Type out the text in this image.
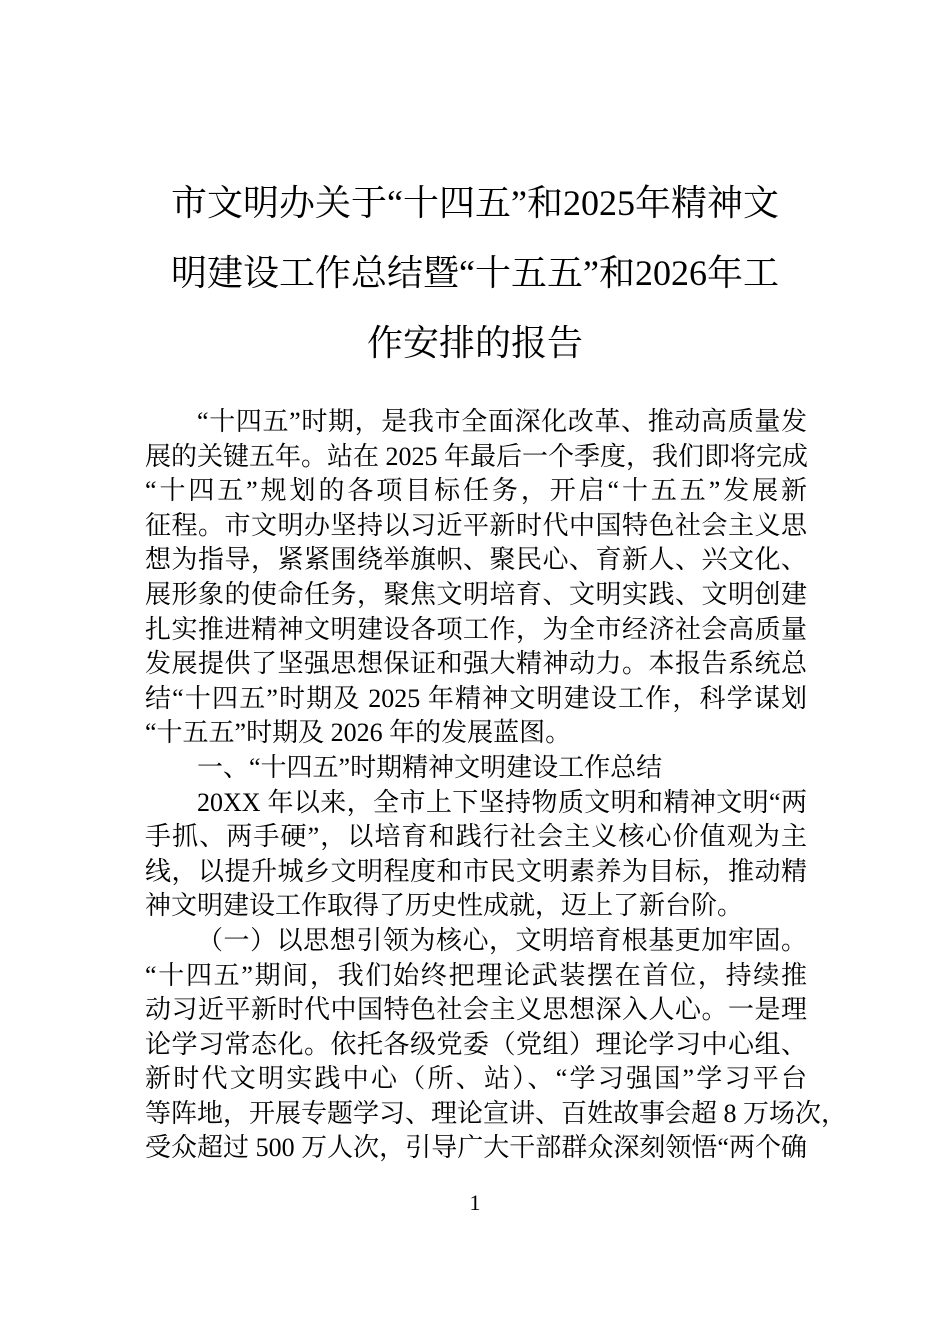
市文明办关于“十四五”和2025年精神文
明建设工作总结暨“十五五”和2026年工
作安排的报告
“十四五”时期，是我市全面深化改革、推动高质量发
展的关键五年。站在 2025 年最后一个季度，我们即将完成
“十四五”规划的各项目标任务，开启“十五五”发展新
征程。市文明办坚持以习近平新时代中国特色社会主义思
想为指导，紧紧围绕举旗帜、聚民心、育新人、兴文化、
展形象的使命任务，聚焦文明培育、文明实践、文明创建
扎实推进精神文明建设各项工作，为全市经济社会高质量
发展提供了坚强思想保证和强大精神动力。本报告系统总
结“十四五”时期及 2025 年精神文明建设工作，科学谋划
“十五五”时期及 2026 年的发展蓝图。
一、“十四五”时期精神文明建设工作总结
20XX 年以来，全市上下坚持物质文明和精神文明“两
手抓、两手硬”，以培育和践行社会主义核心价值观为主
线，以提升城乡文明程度和市民文明素养为目标，推动精
神文明建设工作取得了历史性成就，迈上了新台阶。
（一）以思想引领为核心，文明培育根基更加牢固。
“十四五”期间，我们始终把理论武装摆在首位，持续推
动习近平新时代中国特色社会主义思想深入人心。一是理
论学习常态化。依托各级党委（党组）理论学习中心组、
新时代文明实践中心（所、站）、“学习强国”学习平台
等阵地，开展专题学习、理论宣讲、百姓故事会超 8 万场次，
受众超过 500 万人次，引导广大干部群众深刻领悟“两个确
1
